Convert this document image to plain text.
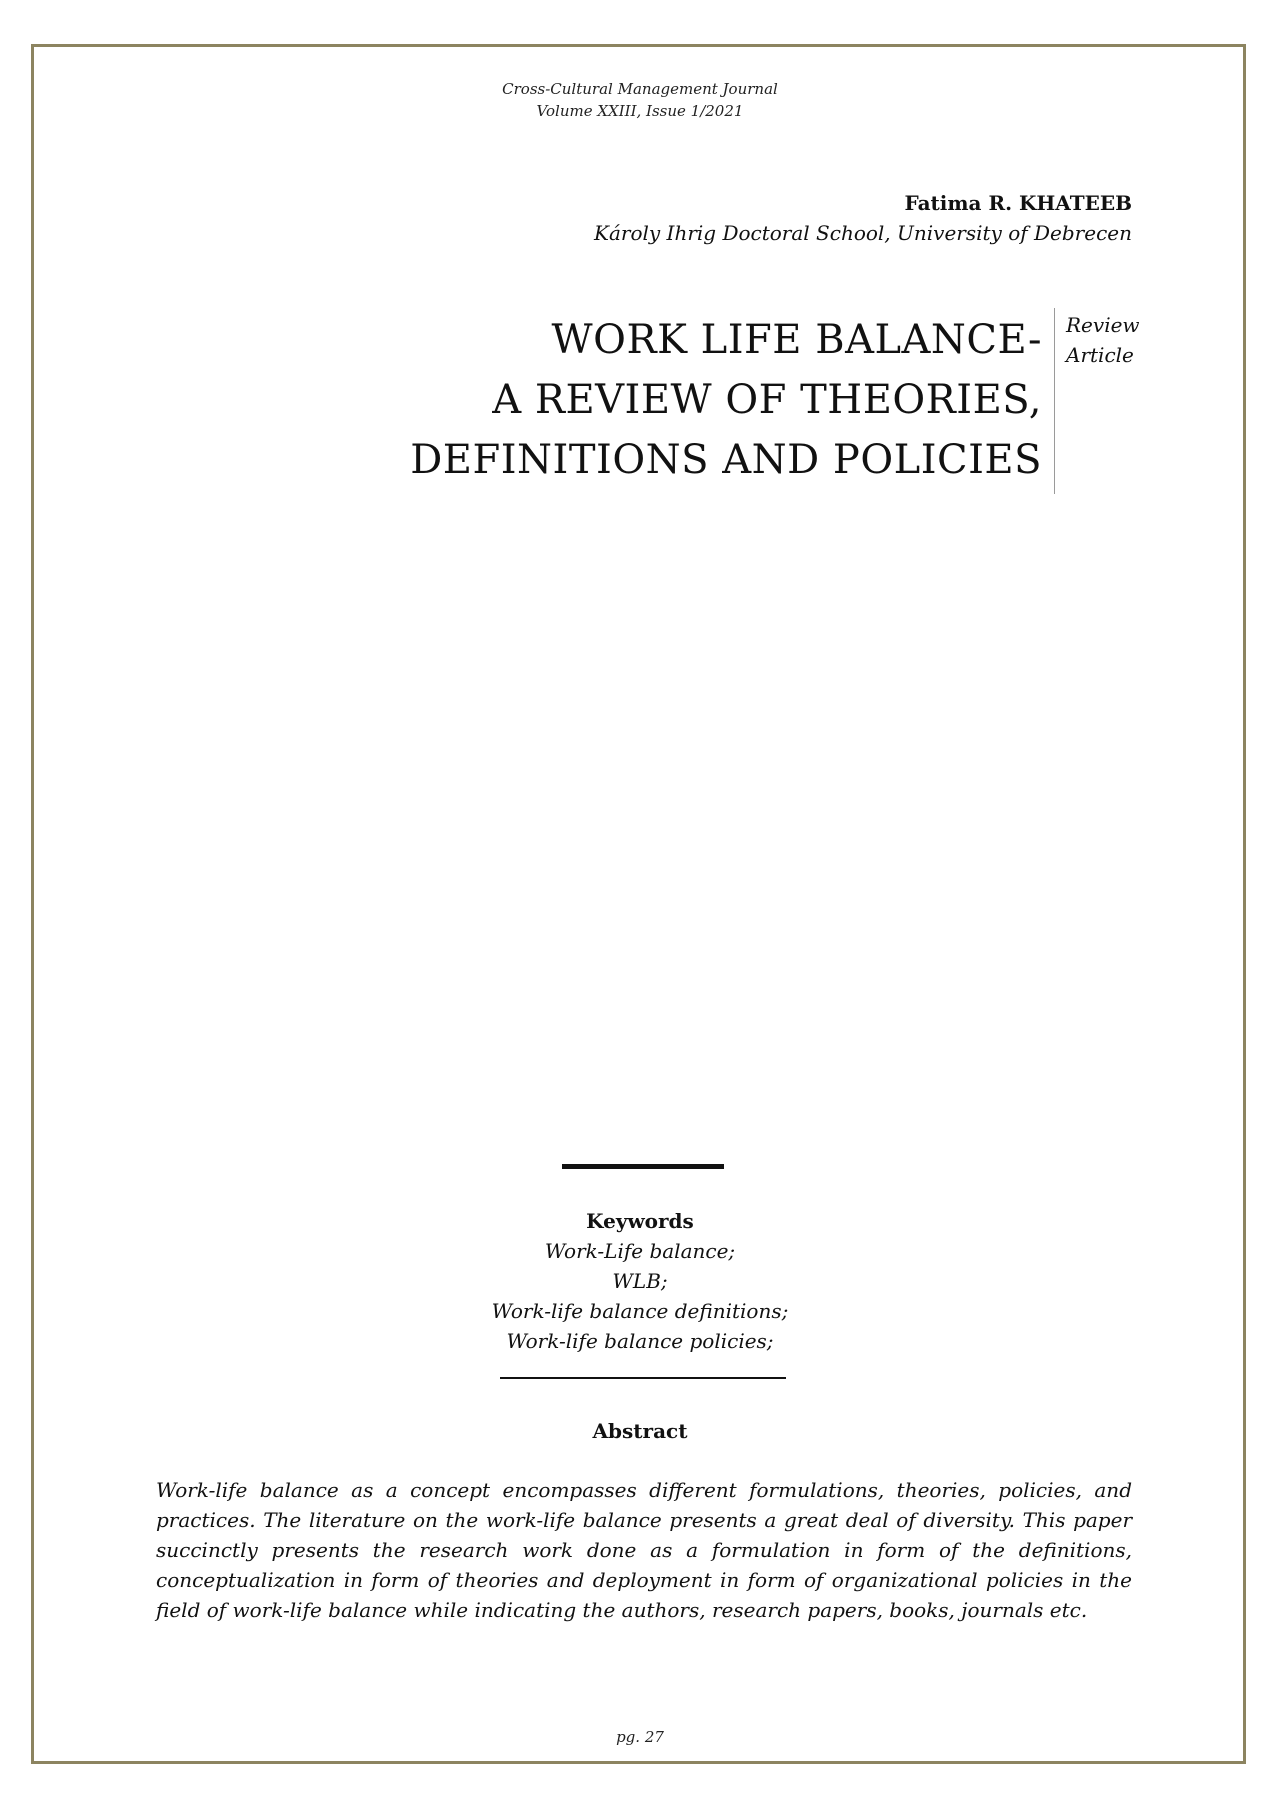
Cross-Cultural Management Journal
Volume XXIII, Issue 1/2021
Fatima R. KHATEEB
Károly Ihrig Doctoral School, University of Debrecen
WORK LIFE BALANCE-
A REVIEW OF THEORIES,
DEFINITIONS AND POLICIES
Review
Article
Keywords
Work-Life balance;
WLB;
Work-life balance definitions;
Work-life balance policies;
Abstract
Work-life balance as a concept encompasses different formulations, theories, policies, and practices. The literature on the work-life balance presents a great deal of diversity. This paper succinctly presents the research work done as a formulation in form of the definitions, conceptualization in form of theories and deployment in form of organizational policies in the field of work-life balance while indicating the authors, research papers, books, journals etc.
pg. 27
